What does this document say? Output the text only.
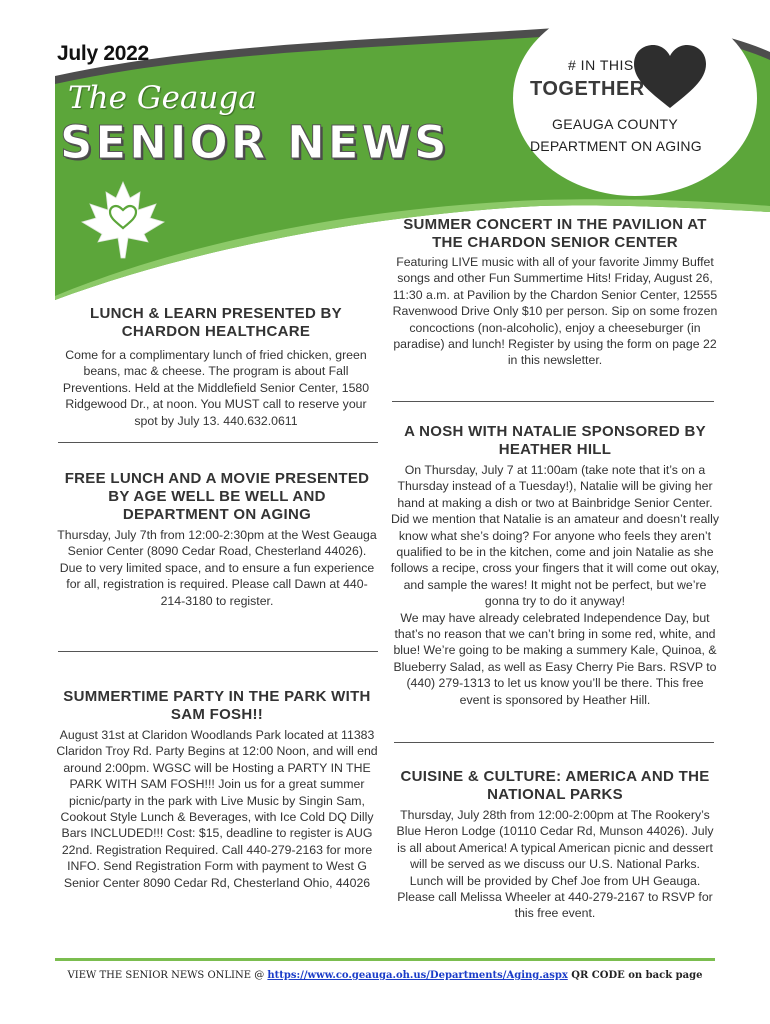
July 2022
The Geauga
SENIOR NEWS
# IN THIS
TOGETHER
GEAUGA COUNTY
DEPARTMENT ON AGING
SUMMER CONCERT IN THE PAVILION AT THE CHARDON SENIOR CENTER

Featuring LIVE music with all of your favorite Jimmy Buffet songs and other Fun Summertime Hits! Friday, August 26, 11:30 a.m. at Pavilion by the Chardon Senior Center, 12555 Ravenwood Drive Only $10 per person. Sip on some frozen concoctions (non-alcoholic), enjoy a cheeseburger (in paradise) and lunch! Register by using the form on page 22 in this newsletter.

A NOSH WITH NATALIE SPONSORED BY HEATHER HILL

On Thursday, July 7 at 11:00am (take note that it’s on a Thursday instead of a Tuesday!), Natalie will be giving her hand at making a dish or two at Bainbridge Senior Center. Did we mention that Natalie is an amateur and doesn’t really know what she’s doing? For anyone who feels they aren’t qualified to be in the kitchen, come and join Natalie as she follows a recipe, cross your fingers that it will come out okay, and sample the wares! It might not be perfect, but we’re gonna try to do it anyway!

We may have already celebrated Independence Day, but that’s no reason that we can’t bring in some red, white, and blue! We’re going to be making a summery Kale, Quinoa, & Blueberry Salad, as well as Easy Cherry Pie Bars. RSVP to (440) 279-1313 to let us know you’ll be there. This free event is sponsored by Heather Hill.

CUISINE & CULTURE: AMERICA AND THE NATIONAL PARKS

Thursday, July 28th from 12:00-2:00pm at The Rookery’s Blue Heron Lodge (10110 Cedar Rd, Munson 44026). July is all about America! A typical American picnic and dessert will be served as we discuss our U.S. National Parks. Lunch will be provided by Chef Joe from UH Geauga. Please call Melissa Wheeler at 440-279-2167 to RSVP for this free event.

LUNCH & LEARN PRESENTED BY CHARDON HEALTHCARE

Come for a complimentary lunch of fried chicken, green beans, mac & cheese. The program is about Fall Preventions. Held at the Middlefield Senior Center, 1580 Ridgewood Dr., at noon. You MUST call to reserve your spot by July 13. 440.632.0611

FREE LUNCH AND A MOVIE PRESENTED BY AGE WELL BE WELL AND DEPARTMENT ON AGING

Thursday, July 7th from 12:00-2:30pm at the West Geauga Senior Center (8090 Cedar Road, Chesterland 44026). Due to very limited space, and to ensure a fun experience for all, registration is required. Please call Dawn at 440-214-3180 to register.

SUMMERTIME PARTY IN THE PARK WITH SAM FOSH!!

August 31st at Claridon Woodlands Park located at 11383 Claridon Troy Rd. Party Begins at 12:00 Noon, and will end around 2:00pm. WGSC will be Hosting a PARTY IN THE PARK WITH SAM FOSH!!! Join us for a great summer picnic/party in the park with Live Music by Singin Sam, Cookout Style Lunch & Beverages, with Ice Cold DQ Dilly Bars INCLUDED!!! Cost: $15, deadline to register is AUG 22nd. Registration Required. Call 440-279-2163 for more INFO. Send Registration Form with payment to West G Senior Center 8090 Cedar Rd, Chesterland Ohio, 44026

VIEW THE SENIOR NEWS ONLINE @ https://www.co.geauga.oh.us/Departments/Aging.aspx QR CODE on back page
